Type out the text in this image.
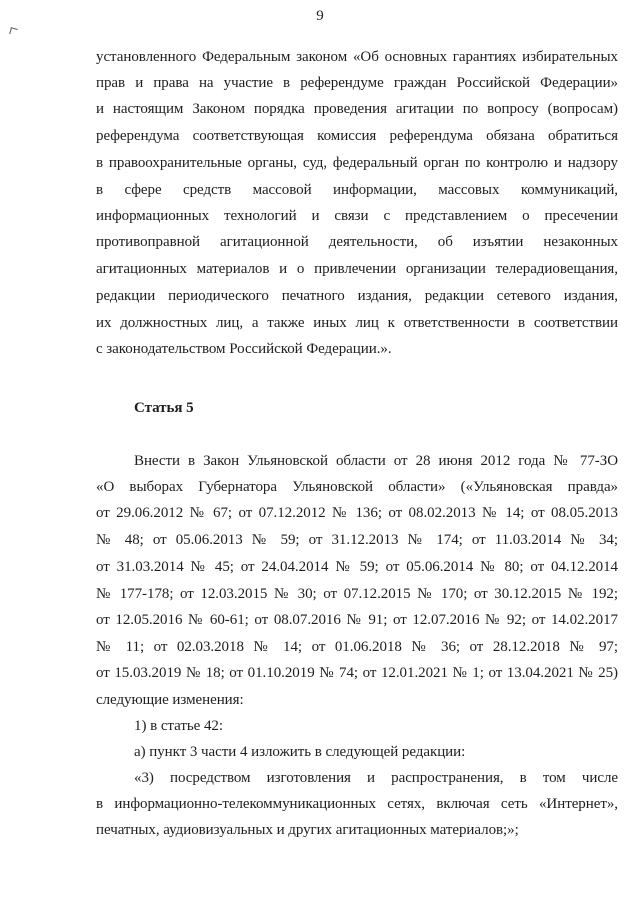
9
установленного Федеральным законом «Об основных гарантиях избирательных
прав и права на участие в референдуме граждан Российской Федерации»
и настоящим Законом порядка проведения агитации по вопросу (вопросам)
референдума соответствующая комиссия референдума обязана обратиться
в правоохранительные органы, суд, федеральный орган по контролю и надзору
в сфере средств массовой информации, массовых коммуникаций,
информационных технологий и связи с представлением о пресечении
противоправной агитационной деятельности, об изъятии незаконных
агитационных материалов и о привлечении организации телерадиовещания,
редакции периодического печатного издания, редакции сетевого издания,
их должностных лиц, а также иных лиц к ответственности в соответствии
с законодательством Российской Федерации.».
Статья 5
Внести в Закон Ульяновской области от 28 июня 2012 года № 77-ЗО
«О выборах Губернатора Ульяновской области» («Ульяновская правда»
от 29.06.2012 № 67; от 07.12.2012 № 136; от 08.02.2013 № 14; от 08.05.2013
№ 48; от 05.06.2013 № 59; от 31.12.2013 № 174; от 11.03.2014 № 34;
от 31.03.2014 № 45; от 24.04.2014 № 59; от 05.06.2014 № 80; от 04.12.2014
№ 177-178; от 12.03.2015 № 30; от 07.12.2015 № 170; от 30.12.2015 № 192;
от 12.05.2016 № 60-61; от 08.07.2016 № 91; от 12.07.2016 № 92; от 14.02.2017
№ 11; от 02.03.2018 № 14; от 01.06.2018 № 36; от 28.12.2018 № 97;
от 15.03.2019 № 18; от 01.10.2019 № 74; от 12.01.2021 № 1; от 13.04.2021 № 25)
следующие изменения:
1) в статье 42:
а) пункт 3 части 4 изложить в следующей редакции:
«3) посредством изготовления и распространения, в том числе
в информационно-телекоммуникационных сетях, включая сеть «Интернет»,
печатных, аудиовизуальных и других агитационных материалов;»;
